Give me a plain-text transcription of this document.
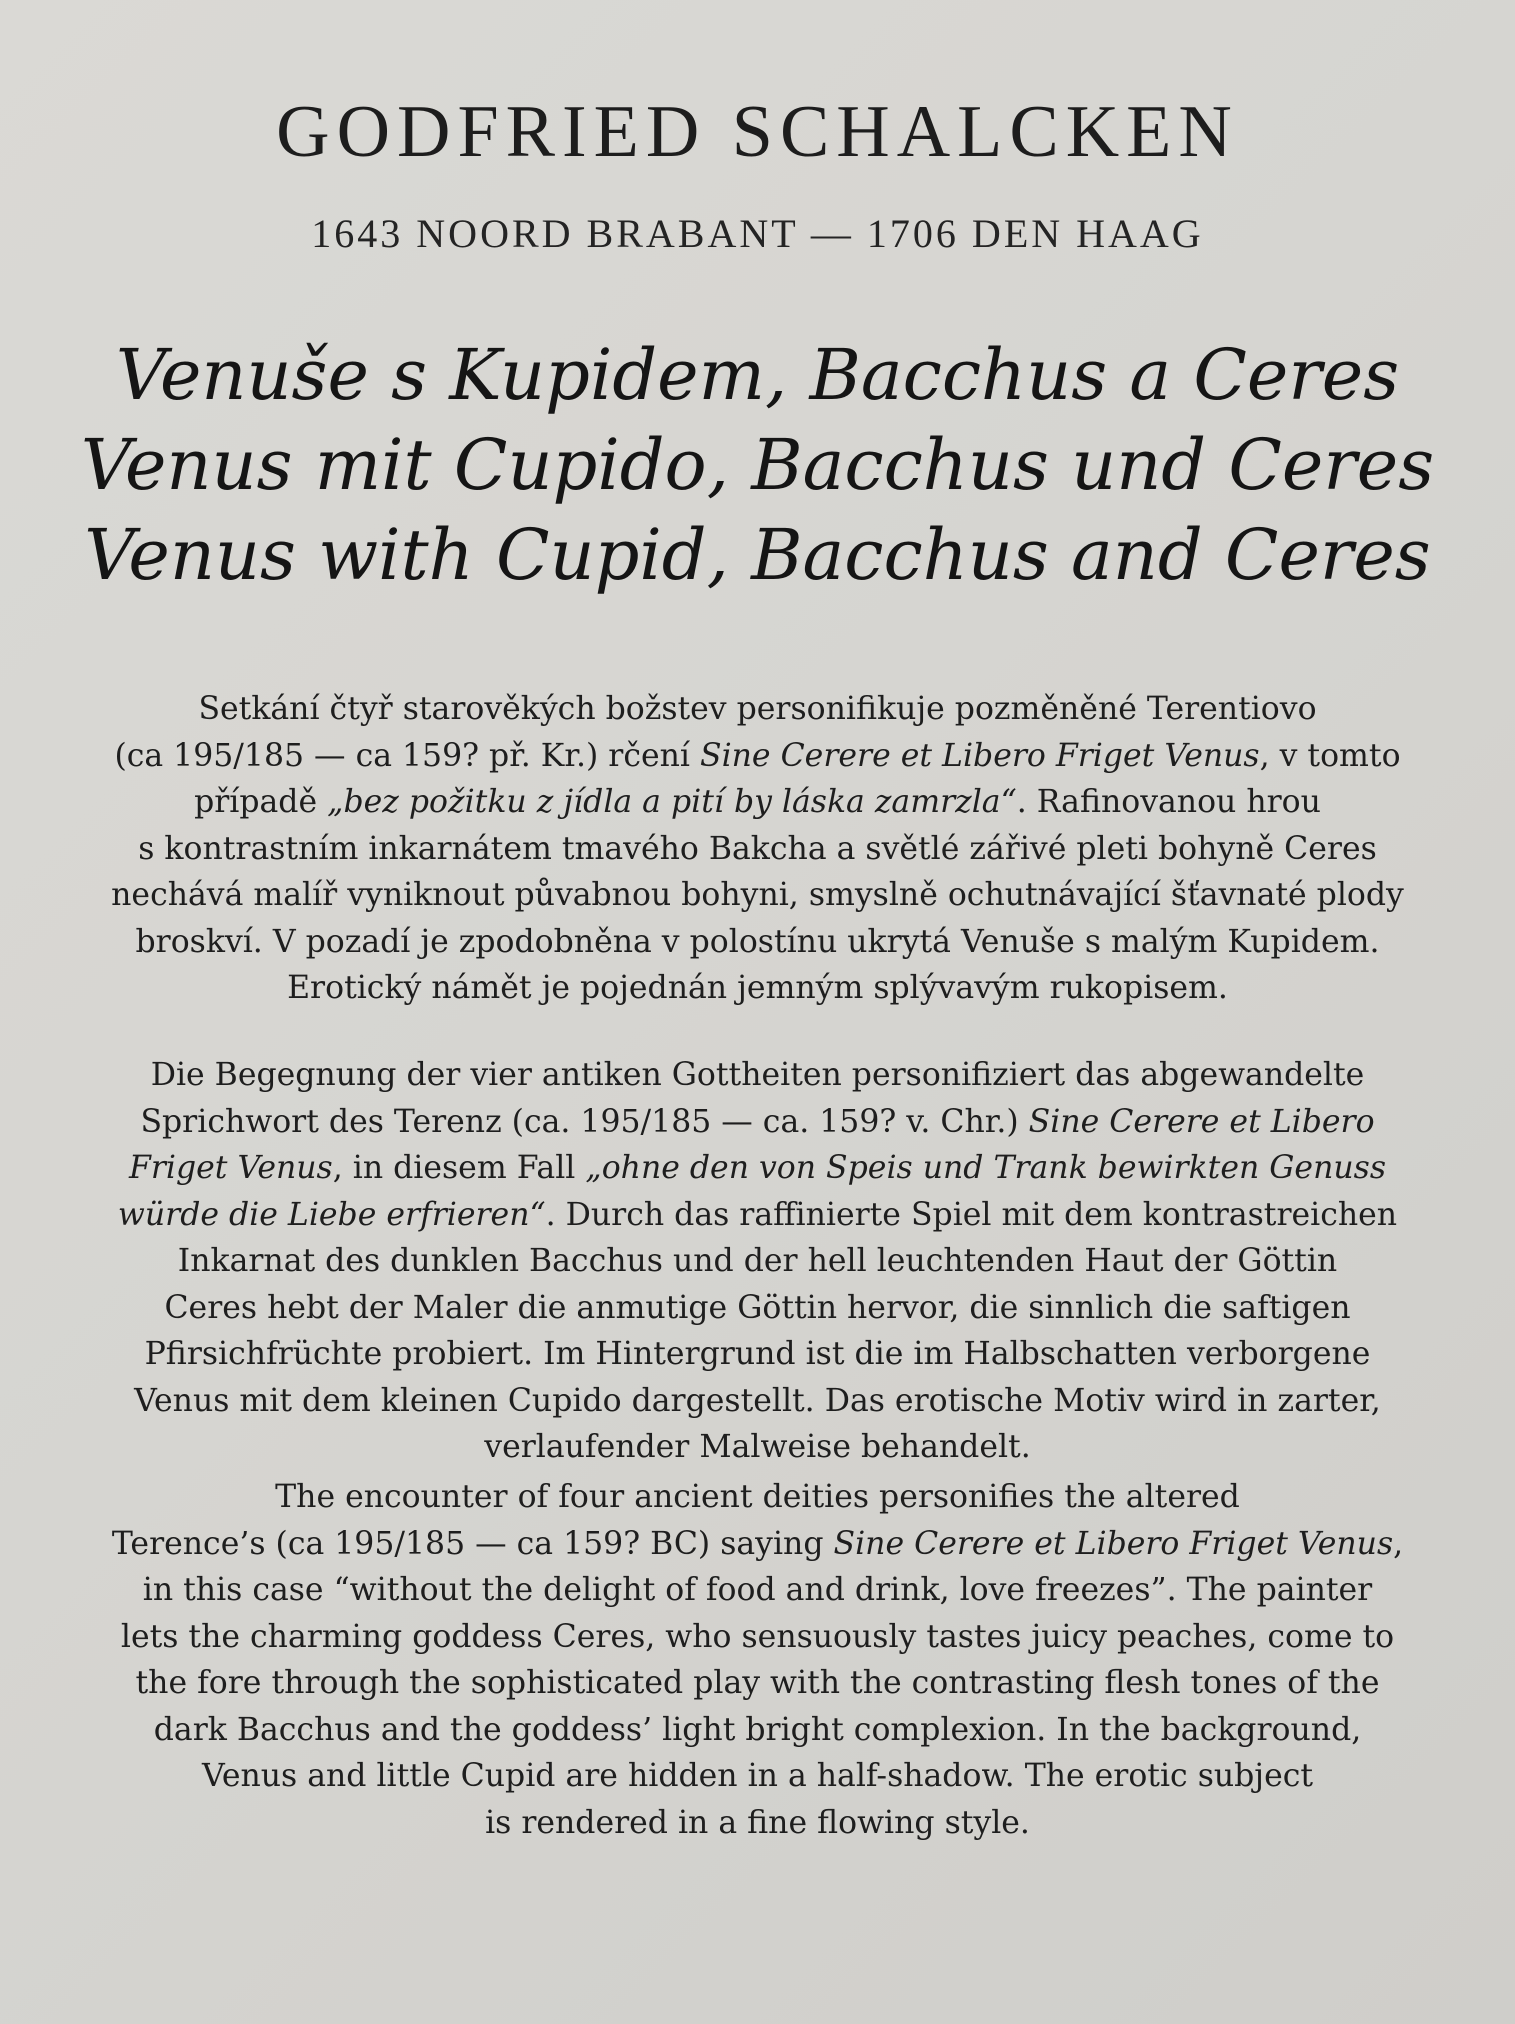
GODFRIED SCHALCKEN

1643 NOORD BRABANT — 1706 DEN HAAG

Venuše s Kupidem, Bacchus a Ceres
Venus mit Cupido, Bacchus und Ceres
Venus with Cupid, Bacchus and Ceres

Setkání čtyř starověkých božstev personifikuje pozměněné Terentiovo
(ca 195/185 — ca 159? př. Kr.) rčení Sine Cerere et Libero Friget Venus, v tomto
případě „bez požitku z jídla a pití by láska zamrzla“. Rafinovanou hrou
s kontrastním inkarnátem tmavého Bakcha a světlé zářivé pleti bohyně Ceres
nechává malíř vyniknout půvabnou bohyni, smyslně ochutnávající šťavnaté plody
broskví. V pozadí je zpodobněna v polostínu ukrytá Venuše s malým Kupidem.
Erotický námět je pojednán jemným splývavým rukopisem.

Die Begegnung der vier antiken Gottheiten personifiziert das abgewandelte
Sprichwort des Terenz (ca. 195/185 — ca. 159? v. Chr.) Sine Cerere et Libero
Friget Venus, in diesem Fall „ohne den von Speis und Trank bewirkten Genuss
würde die Liebe erfrieren“. Durch das raffinierte Spiel mit dem kontrastreichen
Inkarnat des dunklen Bacchus und der hell leuchtenden Haut der Göttin
Ceres hebt der Maler die anmutige Göttin hervor, die sinnlich die saftigen
Pfirsichfrüchte probiert. Im Hintergrund ist die im Halbschatten verborgene
Venus mit dem kleinen Cupido dargestellt. Das erotische Motiv wird in zarter,
verlaufender Malweise behandelt.

The encounter of four ancient deities personifies the altered
Terence’s (ca 195/185 — ca 159? BC) saying Sine Cerere et Libero Friget Venus,
in this case “without the delight of food and drink, love freezes”. The painter
lets the charming goddess Ceres, who sensuously tastes juicy peaches, come to
the fore through the sophisticated play with the contrasting flesh tones of the
dark Bacchus and the goddess’ light bright complexion. In the background,
Venus and little Cupid are hidden in a half-shadow. The erotic subject
is rendered in a fine flowing style.
